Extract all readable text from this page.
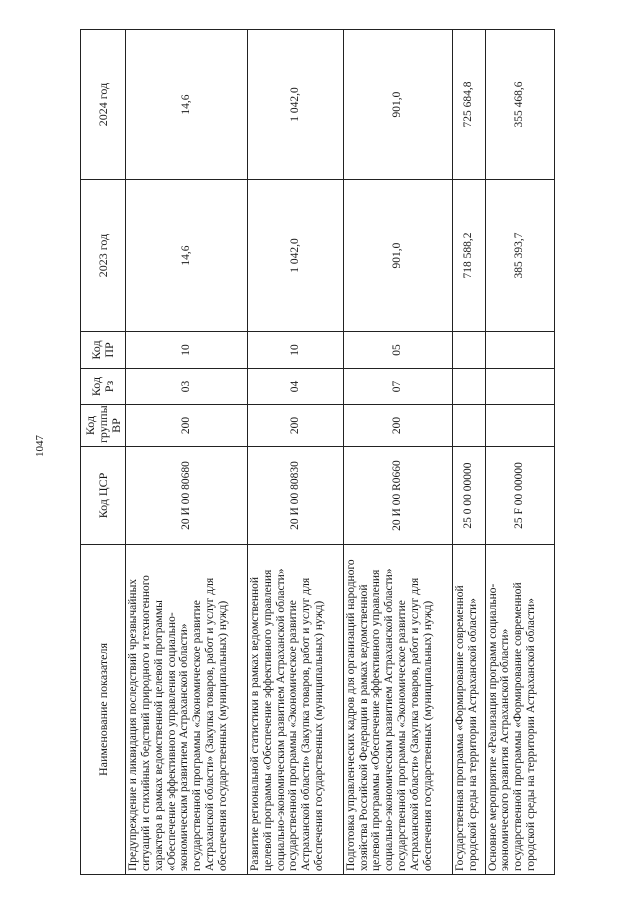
1047
Наименование показателя	Код ЦСР	Код группы ВР	Код Рз	Код ПР	2023 год	2024 год
Предупреждение и ликвидация последствий чрезвычайных ситуаций и стихийных бедствий природного и техногенного характера в рамках ведомственной целевой программы «Обеспечение эффективного управления социально-экономическим развитием Астраханской области» государственной программы «Экономическое развитие Астраханской области» (Закупка товаров, работ и услуг для обеспечения государственных (муниципальных) нужд)	20 И 00 80680	200	03	10	14,6	14,6
Развитие региональной статистики в рамках ведомственной целевой программы «Обеспечение эффективного управления социально-экономическим развитием Астраханской области» государственной программы «Экономическое развитие Астраханской области» (Закупка товаров, работ и услуг для обеспечения государственных (муниципальных) нужд)	20 И 00 80830	200	04	10	1 042,0	1 042,0
Подготовка управленческих кадров для организаций народного хозяйства Российской Федерации в рамках ведомственной целевой программы «Обеспечение эффективного управления социально-экономическим развитием Астраханской области» государственной программы «Экономическое развитие Астраханской области» (Закупка товаров, работ и услуг для обеспечения государственных (муниципальных) нужд)	20 И 00 R0660	200	07	05	901,0	901,0
Государственная программа «Формирование современной городской среды на территории Астраханской области»	25 0 00 00000				718 588,2	725 684,8
Основное мероприятие «Реализация программ социально-экономического развития Астраханской области» государственной программы «Формирование современной городской среды на территории Астраханской области»	25 F 00 00000				385 393,7	355 468,6
